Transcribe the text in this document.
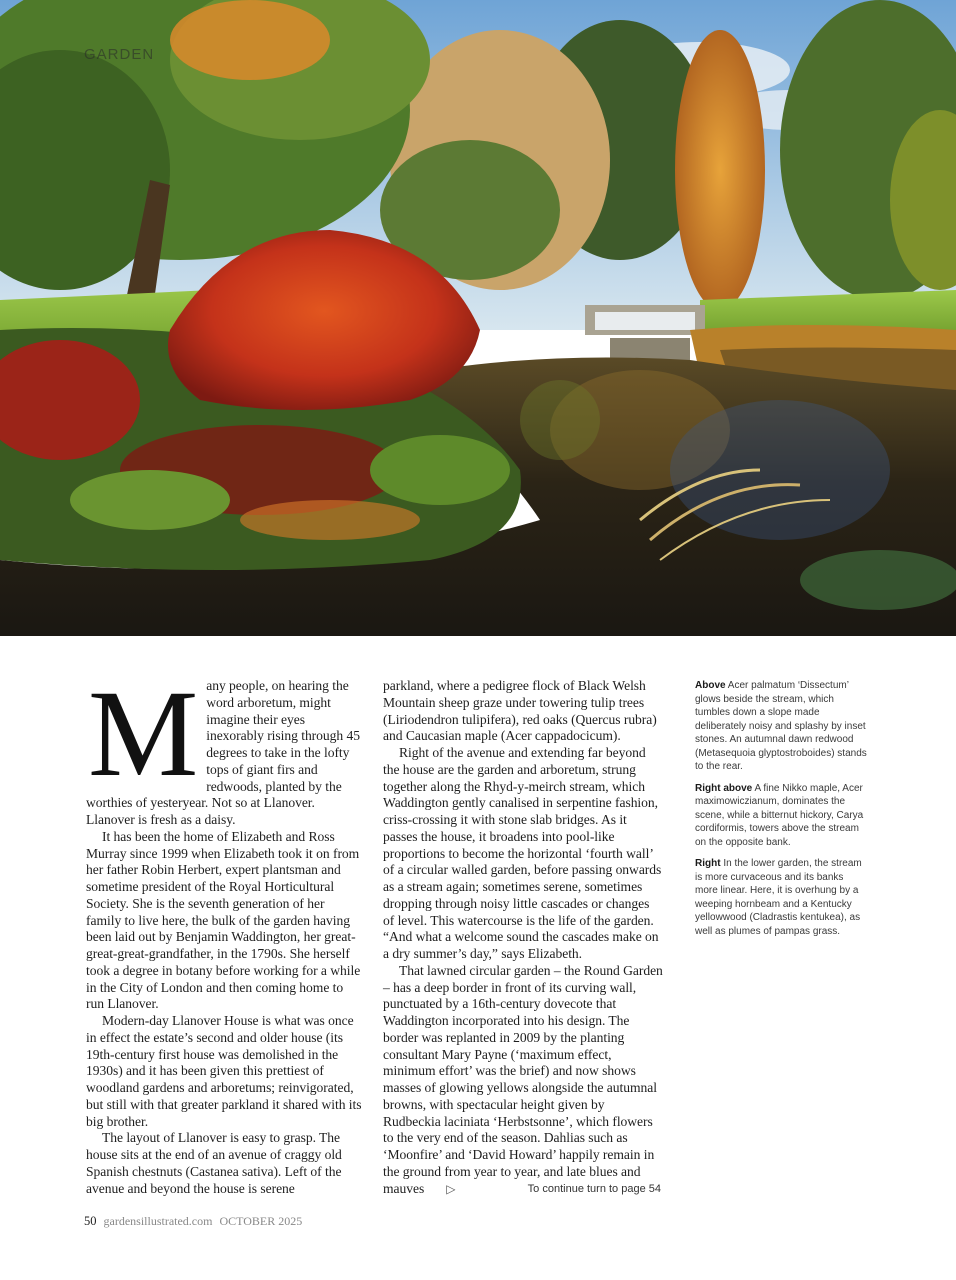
GARDEN

Many people, on hearing the word arboretum, might imagine their eyes inexorably rising through 45 degrees to take in the lofty tops of giant firs and redwoods, planted by the worthies of yesteryear. Not so at Llanover. Llanover is fresh as a daisy.

It has been the home of Elizabeth and Ross Murray since 1999 when Elizabeth took it on from her father Robin Herbert, expert plantsman and sometime president of the Royal Horticultural Society. She is the seventh generation of her family to live here, the bulk of the garden having been laid out by Benjamin Waddington, her great-great-great-grandfather, in the 1790s. She herself took a degree in botany before working for a while in the City of London and then coming home to run Llanover.

Modern-day Llanover House is what was once in effect the estate’s second and older house (its 19th-century first house was demolished in the 1930s) and it has been given this prettiest of woodland gardens and arboretums; reinvigorated, but still with that greater parkland it shared with its big brother.

The layout of Llanover is easy to grasp. The house sits at the end of an avenue of craggy old Spanish chestnuts (Castanea sativa). Left of the avenue and beyond the house is serene

parkland, where a pedigree flock of Black Welsh Mountain sheep graze under towering tulip trees (Liriodendron tulipifera), red oaks (Quercus rubra) and Caucasian maple (Acer cappadocicum).

Right of the avenue and extending far beyond the house are the garden and arboretum, strung together along the Rhyd-y-meirch stream, which Waddington gently canalised in serpentine fashion, criss-crossing it with stone slab bridges. As it passes the house, it broadens into pool-like proportions to become the horizontal ‘fourth wall’ of a circular walled garden, before passing onwards as a stream again; sometimes serene, sometimes dropping through noisy little cascades or changes of level. This watercourse is the life of the garden. “And what a welcome sound the cascades make on a dry summer’s day,” says Elizabeth.

That lawned circular garden – the Round Garden – has a deep border in front of its curving wall, punctuated by a 16th-century dovecote that Waddington incorporated into his design. The border was replanted in 2009 by the planting consultant Mary Payne (‘maximum effect, minimum effort’ was the brief) and now shows masses of glowing yellows alongside the autumnal browns, with spectacular height given by Rudbeckia laciniata ‘Herbstsonne’, which flowers to the very end of the season. Dahlias such as ‘Moonfire’ and ‘David Howard’ happily remain in the ground from year to year, and late blues and mauves ▷	To continue turn to page 54

Above Acer palmatum ‘Dissectum’ glows beside the stream, which tumbles down a slope made deliberately noisy and splashy by inset stones. An autumnal dawn redwood (Metasequoia glyptostroboides) stands to the rear.

Right above A fine Nikko maple, Acer maximowiczianum, dominates the scene, while a bitternut hickory, Carya cordiformis, towers above the stream on the opposite bank.

Right In the lower garden, the stream is more curvaceous and its banks more linear. Here, it is overhung by a weeping hornbeam and a Kentucky yellowwood (Cladrastis kentukea), as well as plumes of pampas grass.

50 gardensillustrated.com OCTOBER 2025
